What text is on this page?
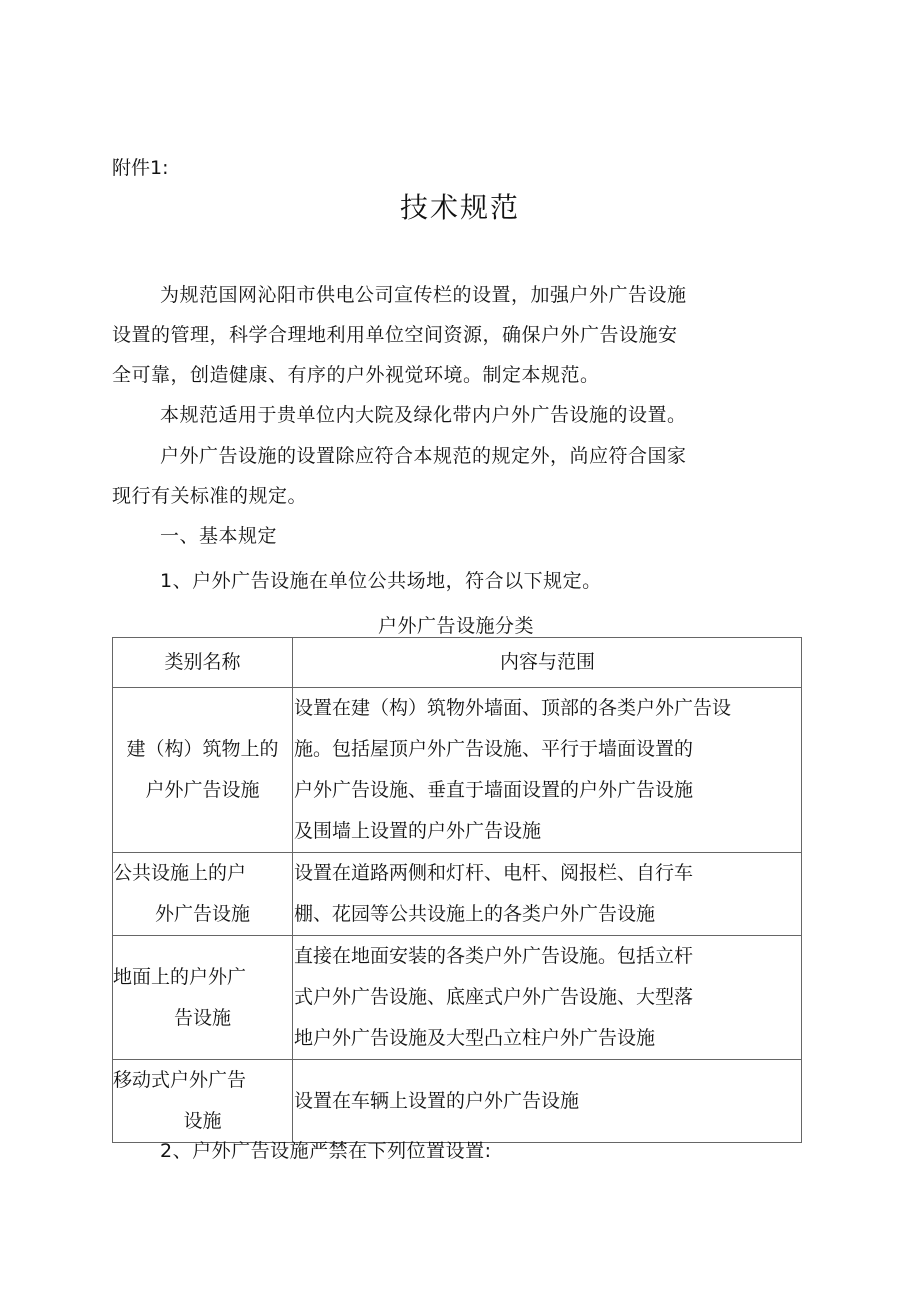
附件1:
技术规范
为规范国网沁阳市供电公司宣传栏的设置，加强户外广告设施
设置的管理，科学合理地利用单位空间资源，确保户外广告设施安
全可靠，创造健康、有序的户外视觉环境。制定本规范。
本规范适用于贵单位内大院及绿化带内户外广告设施的设置。
户外广告设施的设置除应符合本规范的规定外，尚应符合国家
现行有关标准的规定。
一、基本规定
1、户外广告设施在单位公共场地，符合以下规定。
户外广告设施分类
类别名称	内容与范围

建（构）筑物上的
户外广告设施	设置在建（构）筑物外墙面、顶部的各类户外广告设
施。包括屋顶户外广告设施、平行于墙面设置的
户外广告设施、垂直于墙面设置的户外广告设施
及围墙上设置的户外广告设施

公共设施上的户
外广告设施	设置在道路两侧和灯杆、电杆、阅报栏、自行车
棚、花园等公共设施上的各类户外广告设施

地面上的户外广
告设施	直接在地面安装的各类户外广告设施。包括立杆
式户外广告设施、底座式户外广告设施、大型落
地户外广告设施及大型凸立柱户外广告设施

移动式户外广告
设施	设置在车辆上设置的户外广告设施
2、户外广告设施严禁在下列位置设置:
